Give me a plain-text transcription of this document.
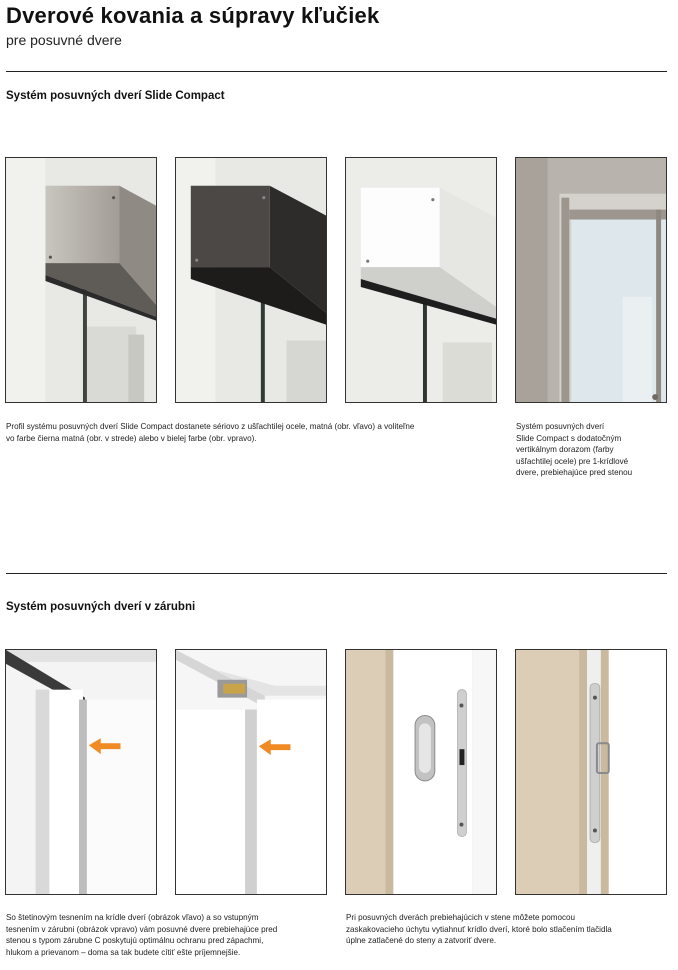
Dverové kovania a súpravy kľučiek
pre posuvné dvere
Systém posuvných dverí Slide Compact
Profil systému posuvných dverí Slide Compact dostanete sériovo z ušľachtilej ocele, matná (obr. vľavo) a voliteľne
vo farbe čierna matná (obr. v strede) alebo v bielej farbe (obr. vpravo).
Systém posuvných dverí
Slide Compact s dodatočným
vertikálnym dorazom (farby
ušľachtilej ocele) pre 1-krídlové
dvere, prebiehajúce pred stenou
Systém posuvných dverí v zárubni
So štetinovým tesnením na krídle dverí (obrázok vľavo) a so vstupným
tesnením v zárubni (obrázok vpravo) vám posuvné dvere prebiehajúce pred
stenou s typom zárubne C poskytujú optimálnu ochranu pred zápachmi,
hlukom a prievanom – doma sa tak budete cítiť ešte príjemnejšie.
Pri posuvných dverách prebiehajúcich v stene môžete pomocou
zaskakovacieho úchytu vytiahnuť krídlo dverí, ktoré bolo stlačením tlačidla
úplne zatlačené do steny a zatvoriť dvere.
